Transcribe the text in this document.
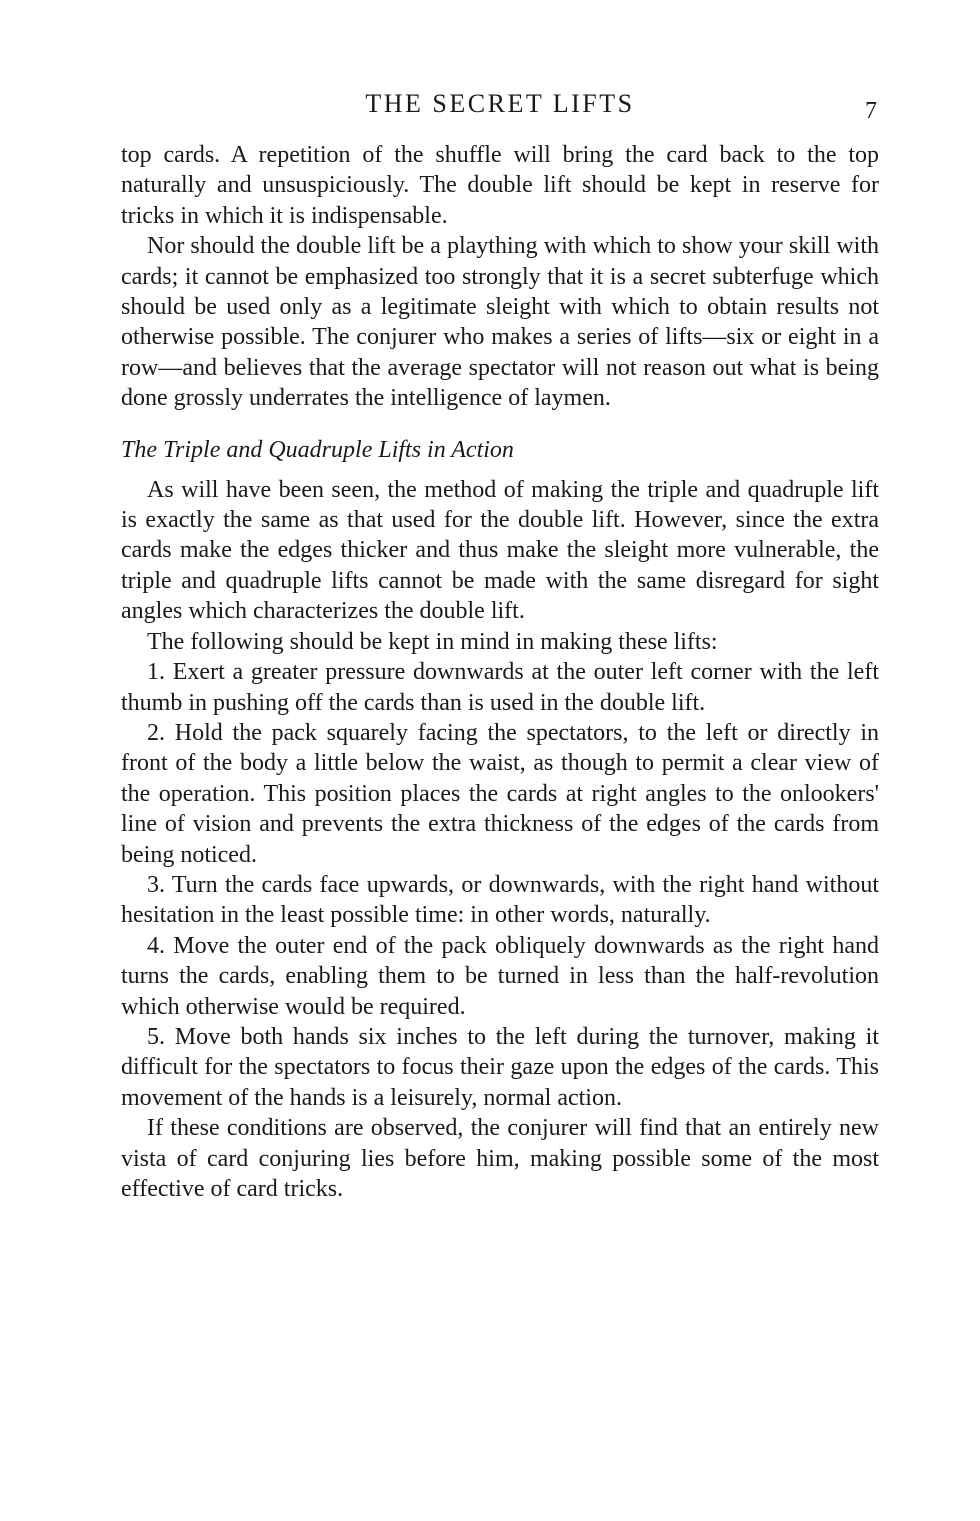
THE SECRET LIFTS	7

top cards. A repetition of the shuffle will bring the card back to the top naturally and unsuspiciously. The double lift should be kept in reserve for tricks in which it is indispensable.

Nor should the double lift be a plaything with which to show your skill with cards; it cannot be emphasized too strongly that it is a secret subterfuge which should be used only as a legitimate sleight with which to obtain results not otherwise possible. The conjurer who makes a series of lifts—six or eight in a row—and believes that the average spectator will not reason out what is being done grossly underrates the intelligence of laymen.

The Triple and Quadruple Lifts in Action

As will have been seen, the method of making the triple and quadruple lift is exactly the same as that used for the double lift. However, since the extra cards make the edges thicker and thus make the sleight more vulnerable, the triple and quadruple lifts cannot be made with the same disregard for sight angles which characterizes the double lift.

The following should be kept in mind in making these lifts:

1. Exert a greater pressure downwards at the outer left corner with the left thumb in pushing off the cards than is used in the double lift.

2. Hold the pack squarely facing the spectators, to the left or directly in front of the body a little below the waist, as though to permit a clear view of the operation. This position places the cards at right angles to the onlookers' line of vision and prevents the extra thickness of the edges of the cards from being noticed.

3. Turn the cards face upwards, or downwards, with the right hand without hesitation in the least possible time: in other words, naturally.

4. Move the outer end of the pack obliquely downwards as the right hand turns the cards, enabling them to be turned in less than the half-revolution which otherwise would be required.

5. Move both hands six inches to the left during the turnover, making it difficult for the spectators to focus their gaze upon the edges of the cards. This movement of the hands is a leisurely, normal action.

If these conditions are observed, the conjurer will find that an entirely new vista of card conjuring lies before him, making possible some of the most effective of card tricks.
